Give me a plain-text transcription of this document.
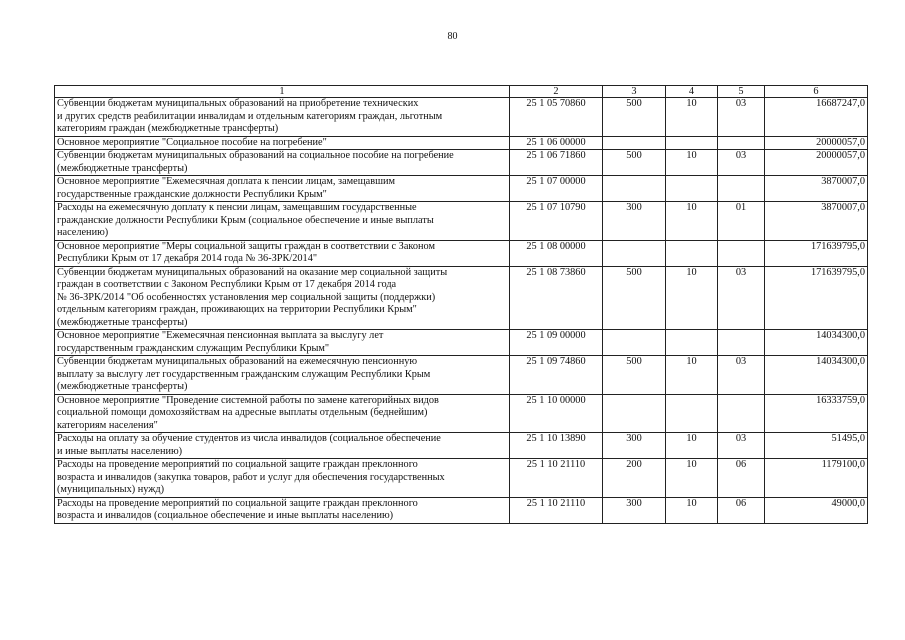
80
1	2	3	4	5	6

Субвенции бюджетам муниципальных образований на приобретение технических
и других средств реабилитации инвалидам и отдельным категориям граждан, льготным
категориям граждан (межбюджетные трансферты)	25 1 05 70860	500	10	03	16687247,0

Основное мероприятие "Социальное пособие на погребение"	25 1 06 00000				20000057,0

Субвенции бюджетам муниципальных образований на социальное пособие на погребение
(межбюджетные трансферты)	25 1 06 71860	500	10	03	20000057,0

Основное мероприятие "Ежемесячная доплата к пенсии лицам, замещавшим
государственные гражданские должности Республики Крым"	25 1 07 00000				3870007,0

Расходы на ежемесячную доплату к пенсии лицам, замещавшим государственные
гражданские должности Республики Крым (социальное обеспечение и иные выплаты
населению)	25 1 07 10790	300	10	01	3870007,0

Основное мероприятие "Меры социальной защиты граждан в соответствии с Законом
Республики Крым от 17 декабря 2014 года № 36-ЗРК/2014"	25 1 08 00000				171639795,0

Субвенции бюджетам муниципальных образований на оказание мер социальной защиты
граждан в соответствии с Законом Республики Крым от 17 декабря 2014 года
№ 36-ЗРК/2014 "Об особенностях установления мер социальной защиты (поддержки)
отдельным категориям граждан, проживающих на территории Республики Крым"
(межбюджетные трансферты)	25 1 08 73860	500	10	03	171639795,0

Основное мероприятие "Ежемесячная пенсионная выплата за выслугу лет
государственным гражданским служащим Республики Крым"	25 1 09 00000				14034300,0

Субвенции бюджетам муниципальных образований на ежемесячную пенсионную
выплату за выслугу лет государственным гражданским служащим Республики Крым
(межбюджетные трансферты)	25 1 09 74860	500	10	03	14034300,0

Основное мероприятие "Проведение системной работы по замене категорийных видов
социальной помощи домохозяйствам на адресные выплаты отдельным (беднейшим)
категориям населения"	25 1 10 00000				16333759,0

Расходы на оплату за обучение студентов из числа инвалидов (социальное обеспечение
и иные выплаты населению)	25 1 10 13890	300	10	03	51495,0

Расходы на проведение мероприятий по социальной защите граждан преклонного
возраста и инвалидов (закупка товаров, работ и услуг для обеспечения государственных
(муниципальных) нужд)	25 1 10 21110	200	10	06	1179100,0

Расходы на проведение мероприятий по социальной защите граждан преклонного
возраста и инвалидов (социальное обеспечение и иные выплаты населению)	25 1 10 21110	300	10	06	49000,0
